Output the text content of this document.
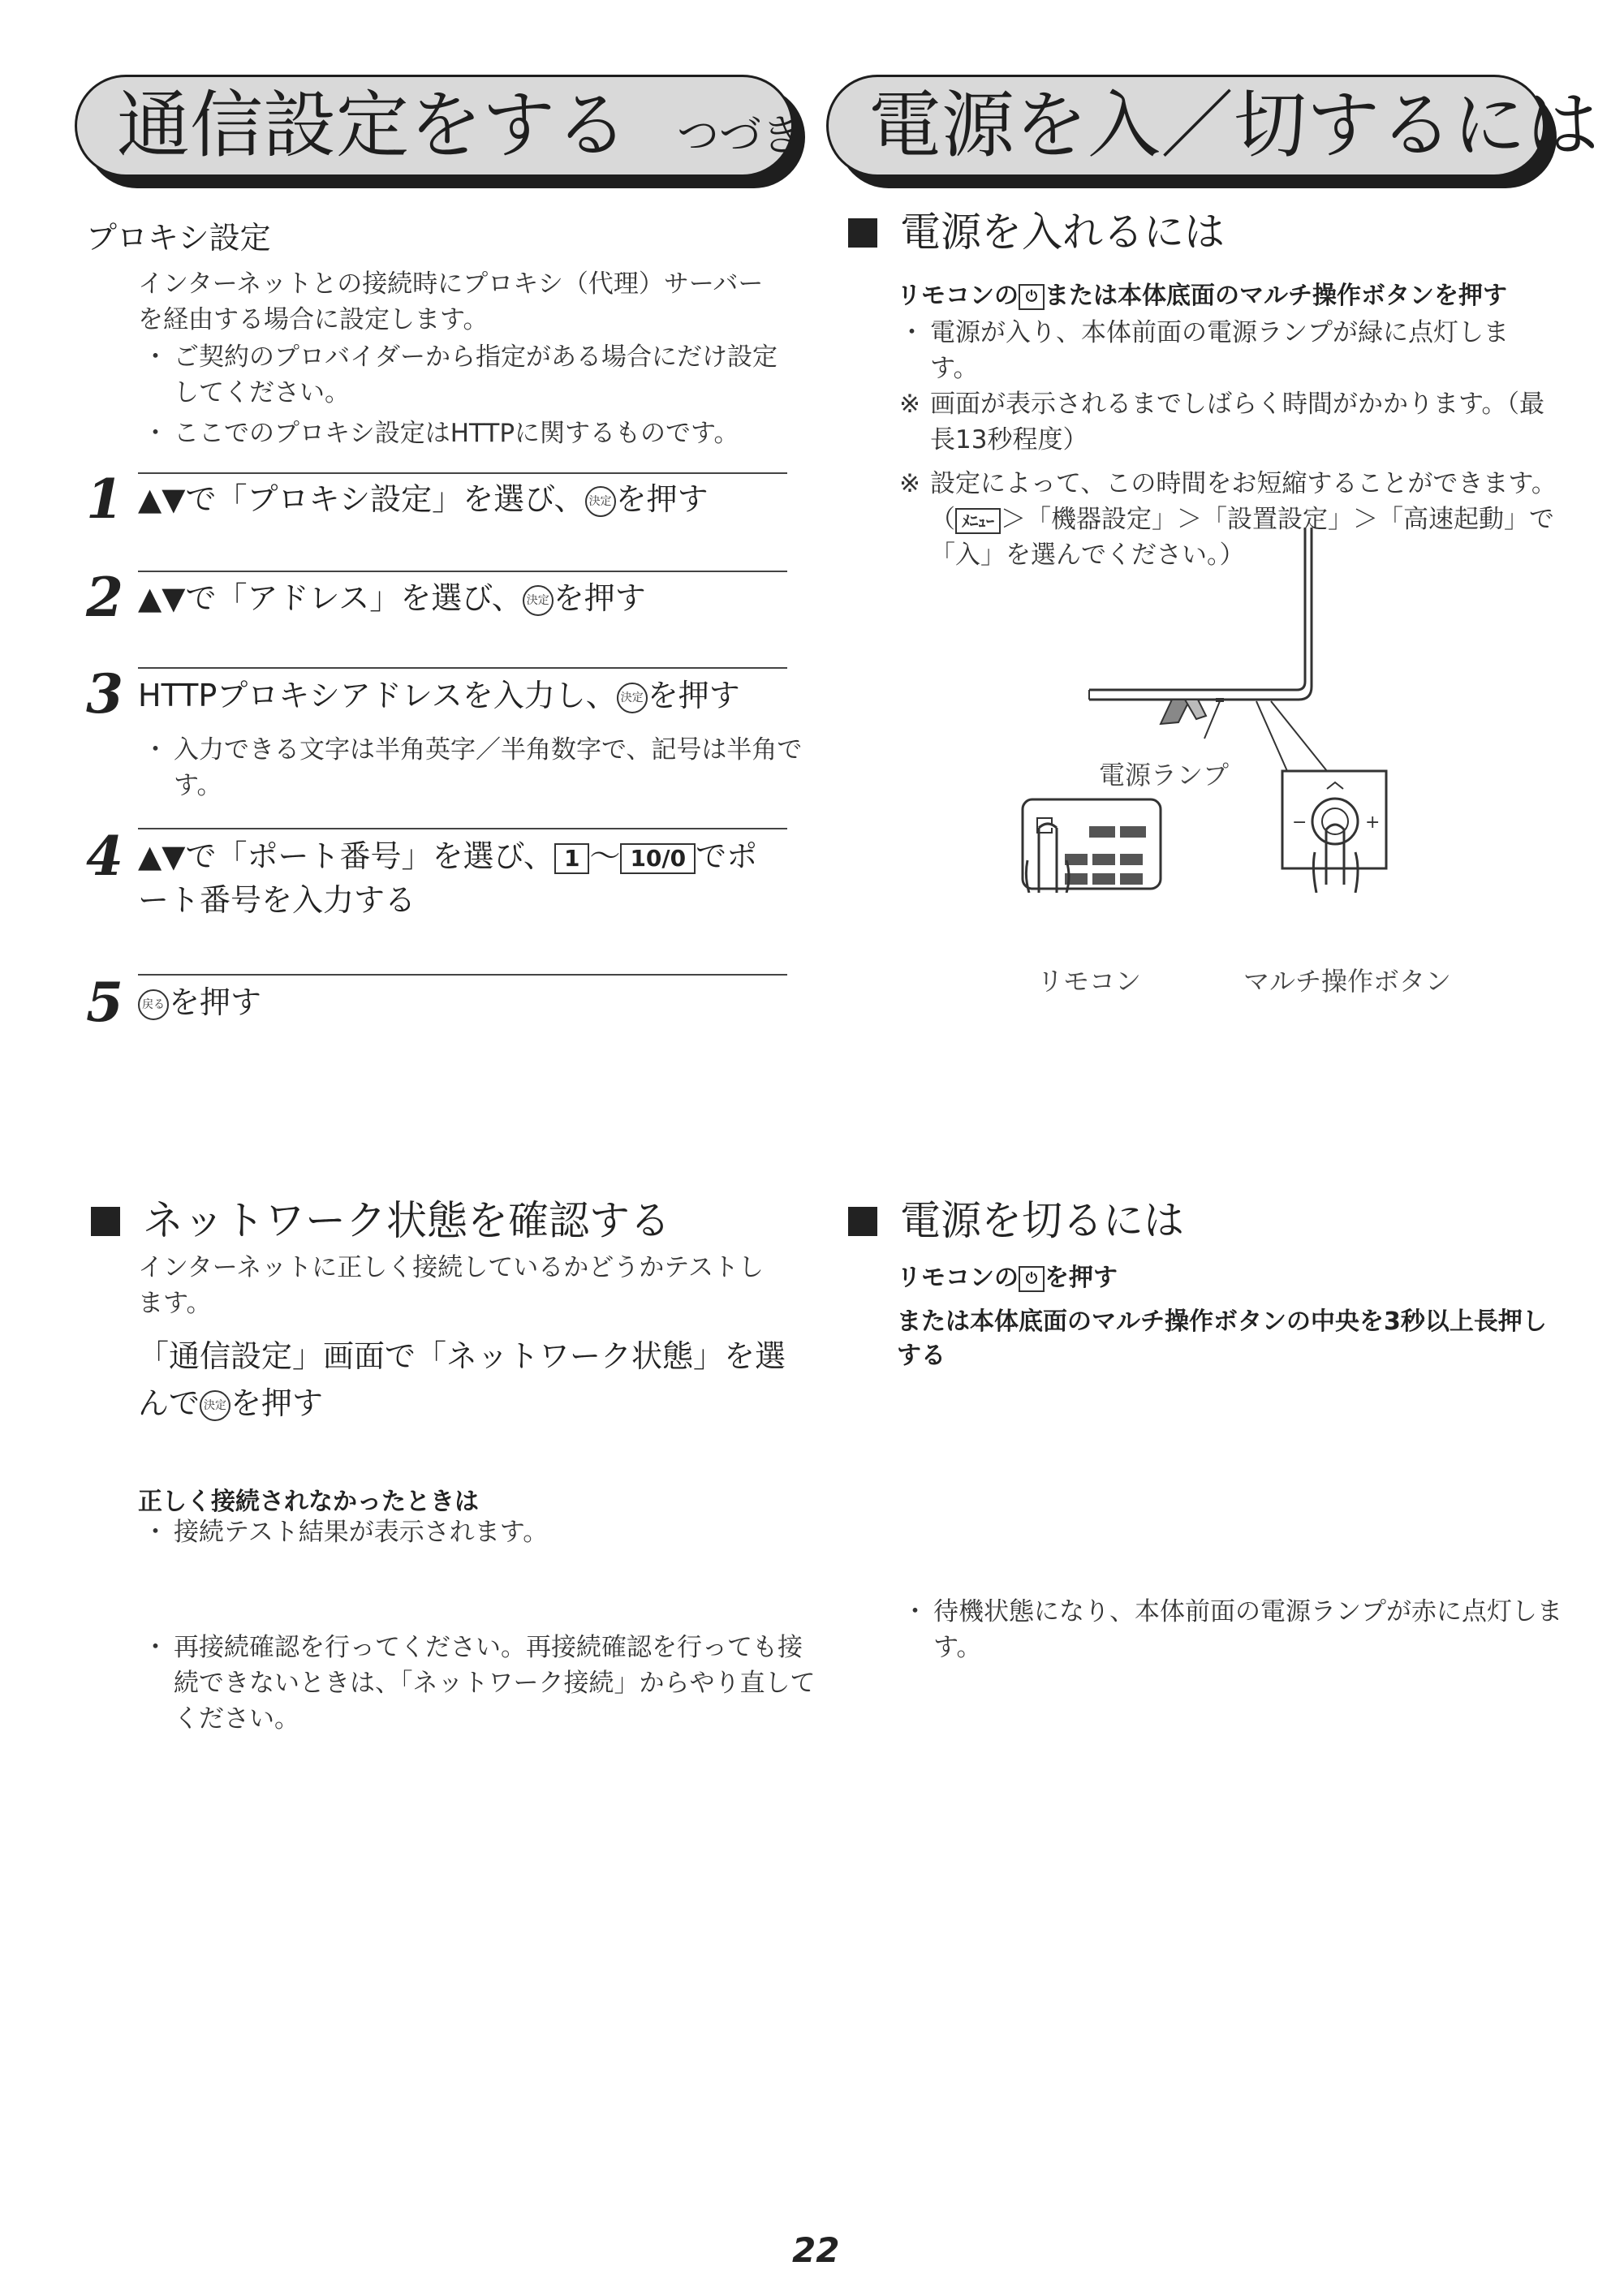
通信設定をする つづき 電源を入／切するには
プロキシ設定
インターネットとの接続時にプロキシ（代理）サーバーを経由する場合に設定します。
・ ご契約のプロバイダーから指定がある場合にだけ設定してください。
・ ここでのプロキシ設定はHTTPに関するものです。
1 ▲▼で「プロキシ設定」を選び、 決定 を押す
2 ▲▼で「アドレス」を選び、 決定 を押す
3 HTTPプロキシアドレスを入力し、 決定 を押す
・ 入力できる文字は半角英字／半角数字で、記号は半角です。
4 ▲▼で「ポート番号」を選び、 1 ～ 10/0 でポート番号を入力する
5	戻る を押す
電源を入れるには
リモコンの ⏻ または本体底面のマルチ操作ボタンを押す
・ 電源が入り、本体前面の電源ランプが緑に点灯します。
※ 画面が表示されるまでしばらく時間がかかります。（最長13秒程度）
※ 設定によって、この時間をお短縮することができます。
（ ﾒﾆｭｰ ＞「機器設定」＞「設置設定」＞「高速起動」で「入」を選んでください。）
−	+
電源ランプ
リモコン	マルチ操作ボタン
ネットワーク状態を確認する
インターネットに正しく接続しているかどうかテストします。
「通信設定」画面で「ネットワーク状態」を選んで 決定 を押す
・ 接続テスト結果が表示されます。
正しく接続されなかったときは
・ 再接続確認を行ってください。再接続確認を行っても接続できないときは、「ネットワーク接続」からやり直してください。
電源を切るには
リモコンの ⏻ を押す
または本体底面のマルチ操作ボタンの中央を3秒以上長押しする
・ 待機状態になり、本体前面の電源ランプが赤に点灯します。
22
